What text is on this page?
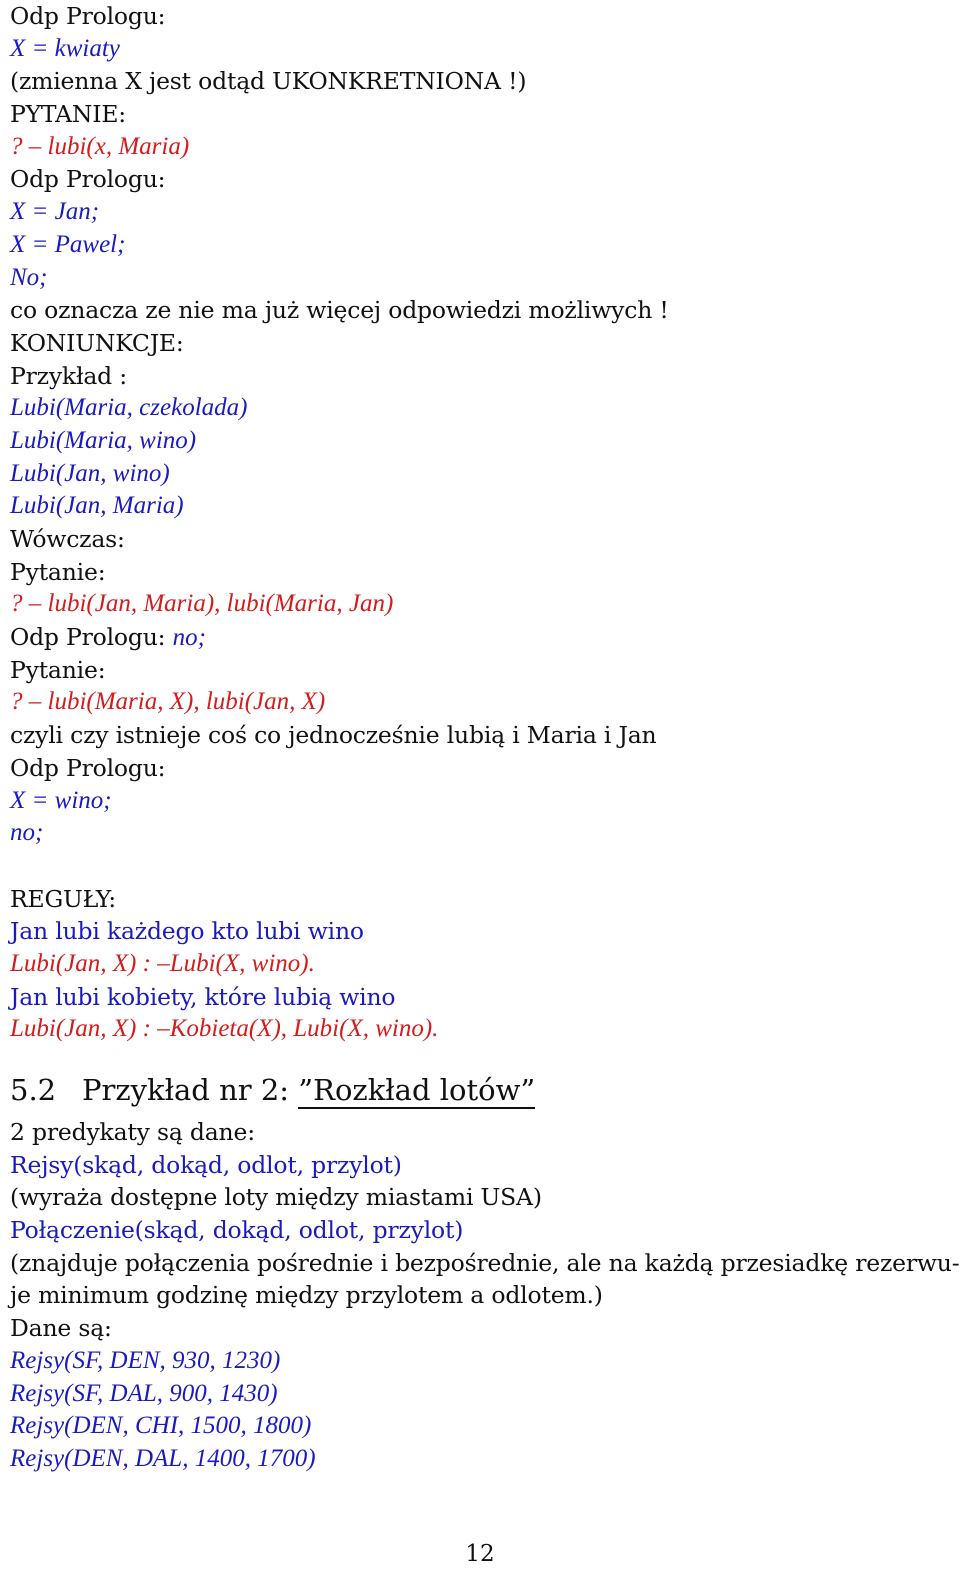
Odp Prologu:
X = kwiaty
(zmienna X jest odtąd UKONKRETNIONA !)
PYTANIE:
? – lubi(x, Maria)
Odp Prologu:
X = Jan;
X = Pawel;
No;
co oznacza ze nie ma już więcej odpowiedzi możliwych !
KONIUNKCJE:
Przykład :
Lubi(Maria, czekolada)
Lubi(Maria, wino)
Lubi(Jan, wino)
Lubi(Jan, Maria)
Wówczas:
Pytanie:
? – lubi(Jan, Maria), lubi(Maria, Jan)
Odp Prologu: no;
Pytanie:
? – lubi(Maria, X), lubi(Jan, X)
czyli czy istnieje coś co jednocześnie lubią i Maria i Jan
Odp Prologu:
X = wino;
no;
REGUŁY:
Jan lubi każdego kto lubi wino
Lubi(Jan, X) : –Lubi(X, wino).
Jan lubi kobiety, które lubią wino
Lubi(Jan, X) : –Kobieta(X), Lubi(X, wino).
5.2 Przykład nr 2: ”Rozkład lotów”
2 predykaty są dane:
Rejsy(skąd, dokąd, odlot, przylot)
(wyraża dostępne loty między miastami USA)
Połączenie(skąd, dokąd, odlot, przylot)
(znajduje połączenia pośrednie i bezpośrednie, ale na każdą przesiadkę rezerwu-
je minimum godzinę między przylotem a odlotem.)
Dane są:
Rejsy(SF, DEN, 930, 1230)
Rejsy(SF, DAL, 900, 1430)
Rejsy(DEN, CHI, 1500, 1800)
Rejsy(DEN, DAL, 1400, 1700)
12
